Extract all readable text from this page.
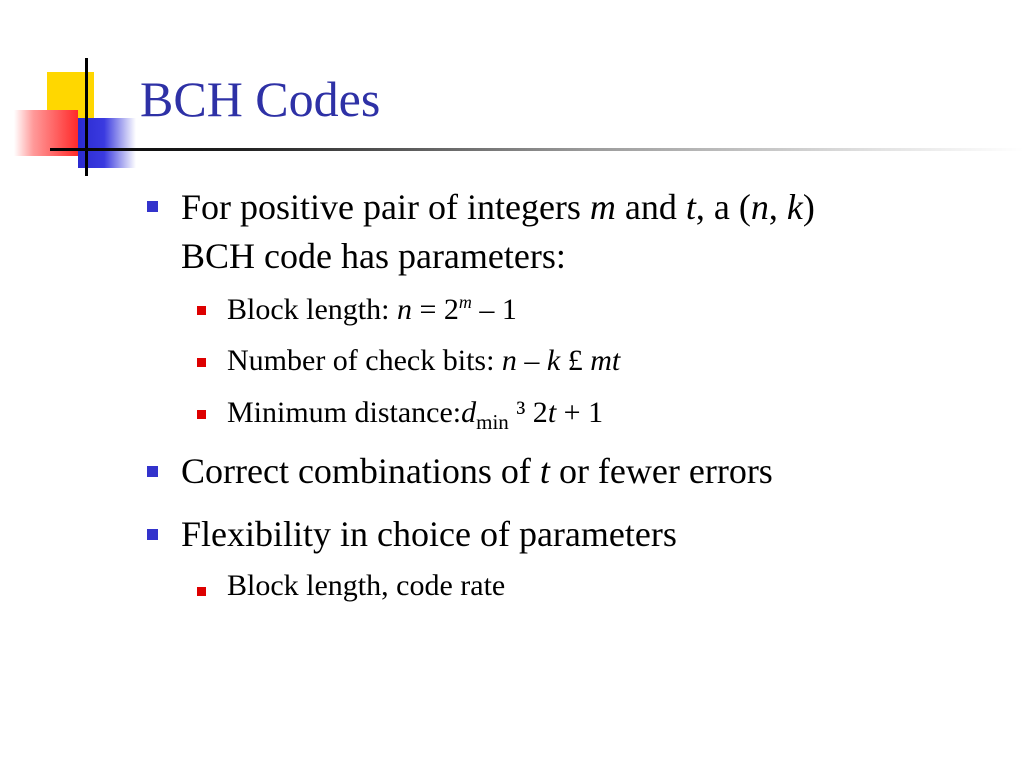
BCH Codes
For positive pair of integers m and t, a (n, k)
BCH code has parameters:
Block length: $n = 2^m - 1$
Number of check bits: n – k £ mt
Minimum $distance:d_{min}$ ³ 2t + 1
Correct combinations of t or fewer errors
Flexibility in choice of parameters
Block length, code rate
